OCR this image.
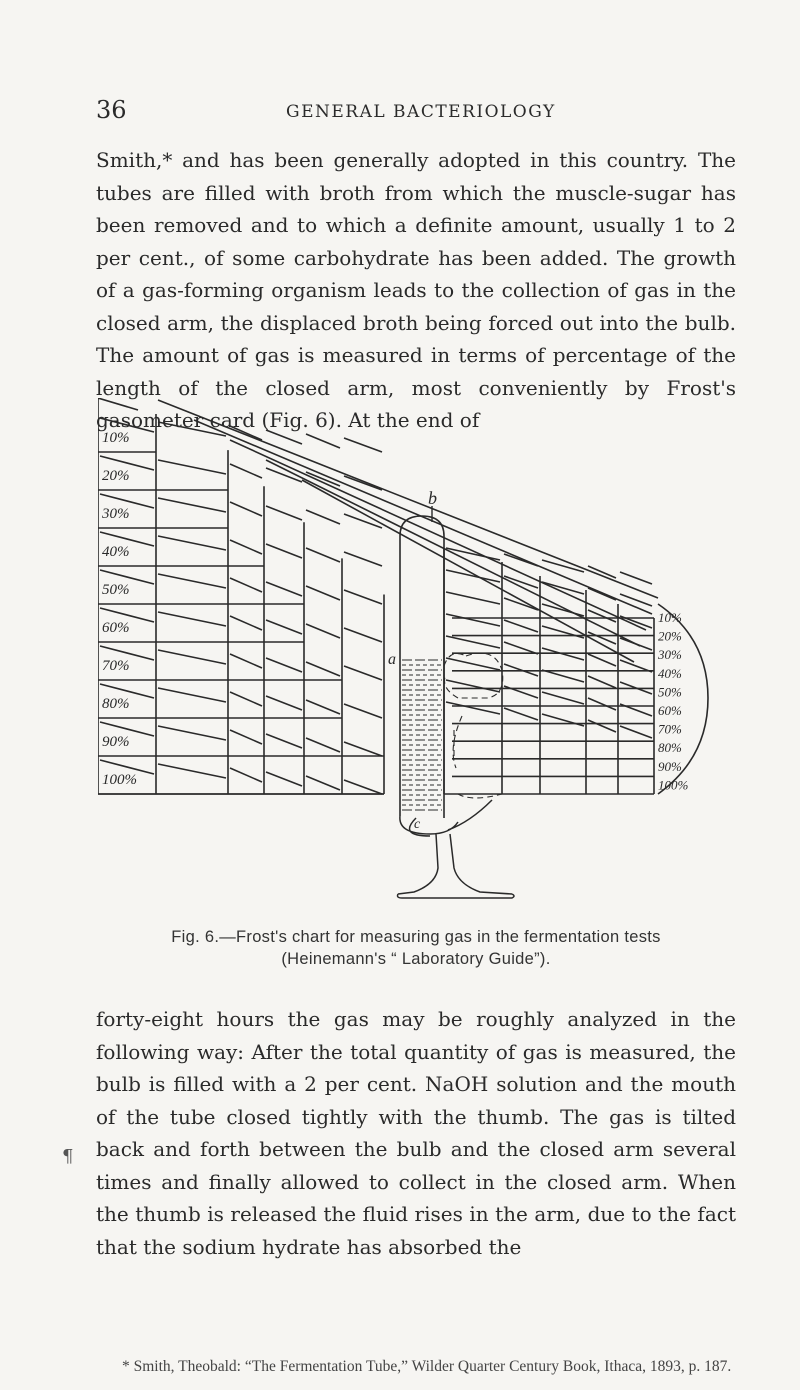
36	GENERAL BACTERIOLOGY

Smith,* and has been generally adopted in this country. The tubes are filled with broth from which the muscle-sugar has been removed and to which a definite amount, usually 1 to 2 per cent., of some carbohydrate has been added. The growth of a gas-forming organism leads to the collection of gas in the closed arm, the displaced broth being forced out into the bulb. The amount of gas is measured in terms of percentage of the length of the closed arm, most conveniently by Frost's gasometer card (Fig. 6). At the end of

a
b
c
10%
20%
30%
40%
50%
60%
70%
80%
90%
100%
10%
20%
30%
40%
50%
60%
70%
80%
90%
100%
Fig. 6.—Frost's chart for measuring gas in the fermentation tests
(Heinemann's “ Laboratory Guide”).

forty-eight hours the gas may be roughly analyzed in the following way: After the total quantity of gas is measured, the bulb is filled with a 2 per cent. NaOH solution and the mouth of the tube closed tightly with the thumb. The gas is tilted back and forth between the bulb and the closed arm several times and finally allowed to collect in the closed arm. When the thumb is released the fluid rises in the arm, due to the fact that the sodium hydrate has absorbed the

¶

* Smith, Theobald: “The Fermentation Tube,” Wilder Quarter Century Book, Ithaca, 1893, p. 187.
